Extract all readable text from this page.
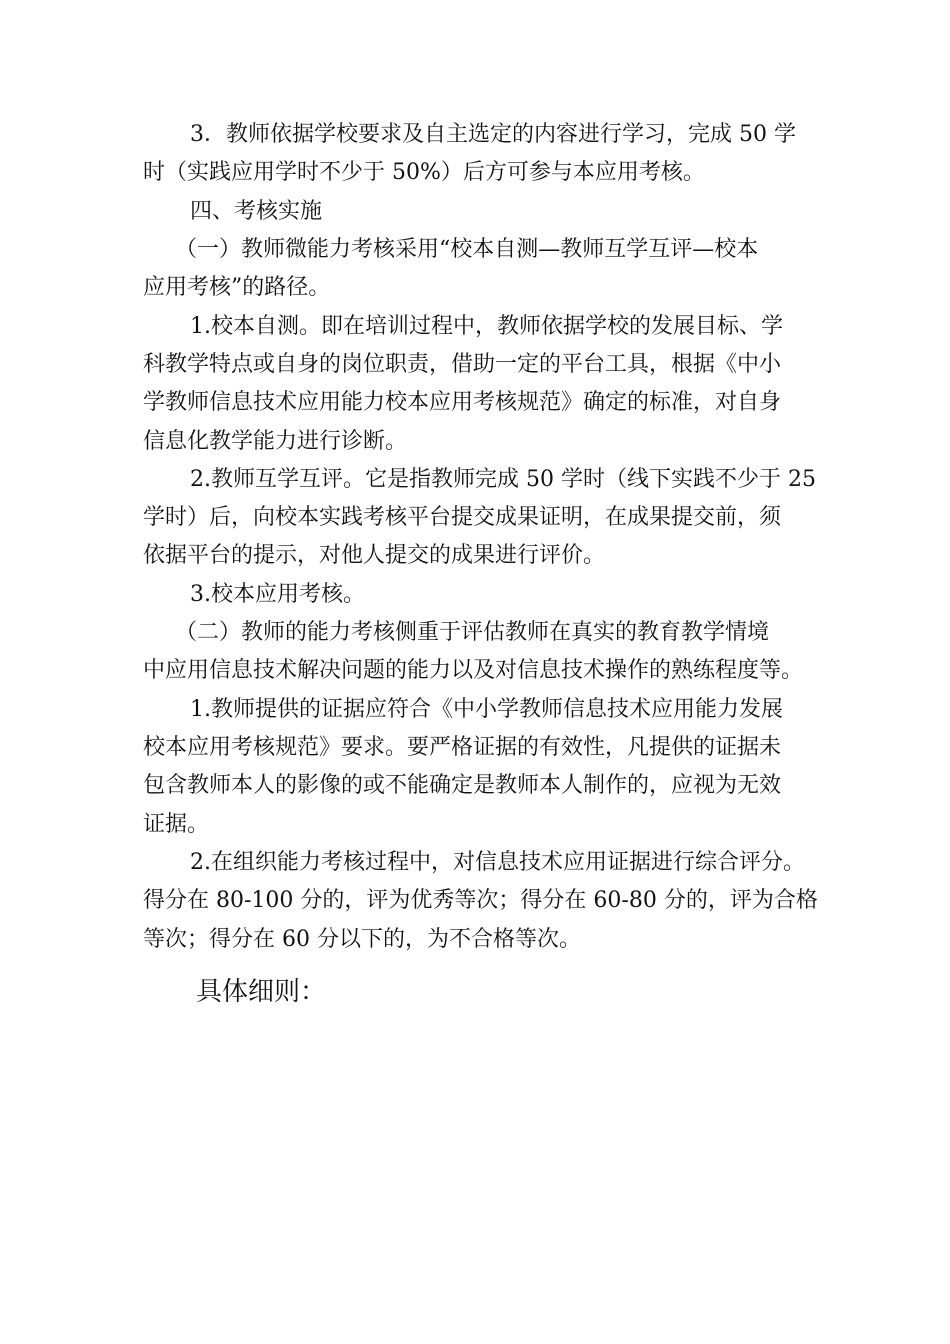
3．教师依据学校要求及自主选定的内容进行学习，完成 50 学
时（实践应用学时不少于 50%）后方可参与本应用考核。
四、考核实施
（一）教师微能力考核采用“校本自测—教师互学互评—校本
应用考核”的路径。
1.校本自测。即在培训过程中，教师依据学校的发展目标、学
科教学特点或自身的岗位职责，借助一定的平台工具，根据《中小
学教师信息技术应用能力校本应用考核规范》确定的标准，对自身
信息化教学能力进行诊断。
2.教师互学互评。它是指教师完成 50 学时（线下实践不少于 25
学时）后，向校本实践考核平台提交成果证明，在成果提交前，须
依据平台的提示，对他人提交的成果进行评价。
3.校本应用考核。
（二）教师的能力考核侧重于评估教师在真实的教育教学情境
中应用信息技术解决问题的能力以及对信息技术操作的熟练程度等。
1.教师提供的证据应符合《中小学教师信息技术应用能力发展
校本应用考核规范》要求。要严格证据的有效性，凡提供的证据未
包含教师本人的影像的或不能确定是教师本人制作的，应视为无效
证据。
2.在组织能力考核过程中，对信息技术应用证据进行综合评分。
得分在 80-100 分的，评为优秀等次；得分在 60-80 分的，评为合格
等次；得分在 60 分以下的，为不合格等次。
具体细则：
